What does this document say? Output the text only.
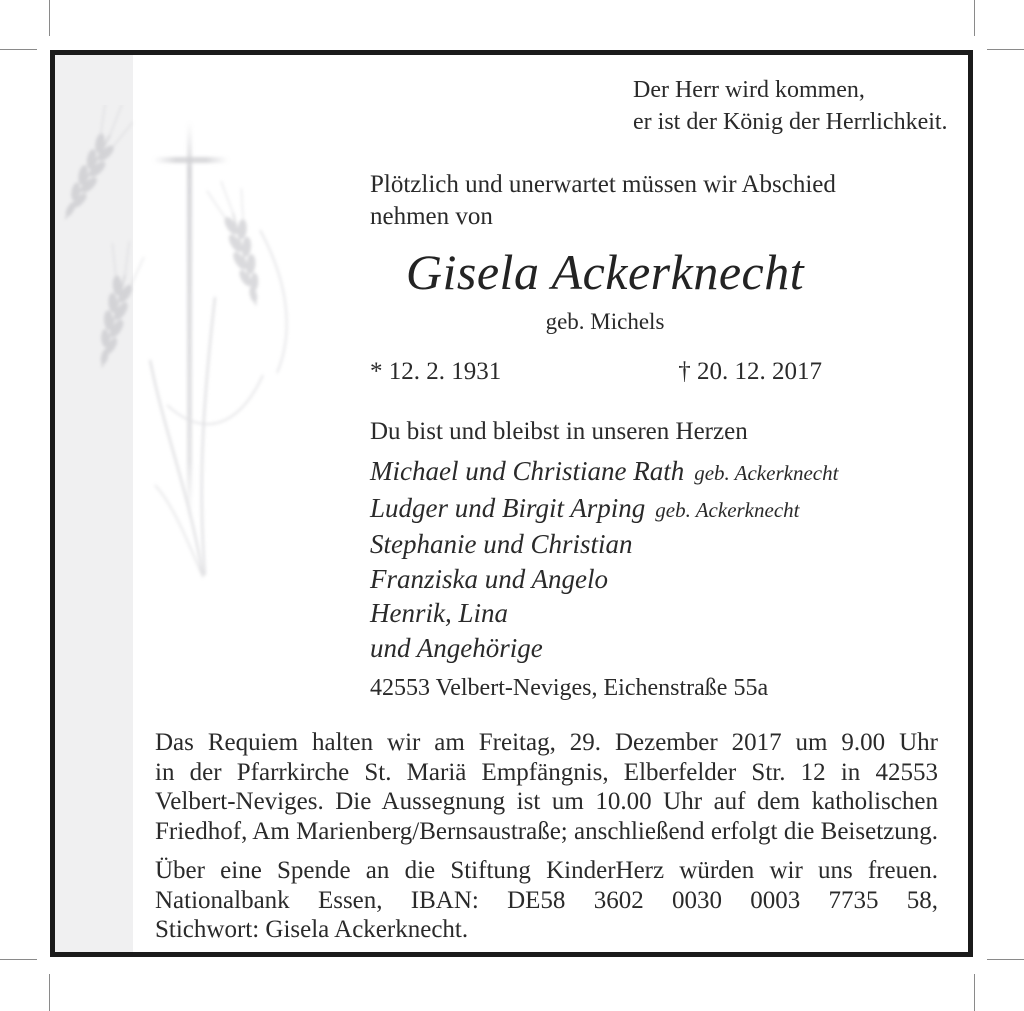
Der Herr wird kommen,
er ist der König der Herrlichkeit.
Plötzlich und unerwartet müssen wir Abschied
nehmen von
Gisela Ackerknecht
geb. Michels
* 12. 2. 1931	† 20. 12. 2017
Du bist und bleibst in unseren Herzen
Michael und Christiane Rath geb. Ackerknecht
Ludger und Birgit Arping geb. Ackerknecht
Stephanie und Christian
Franziska und Angelo
Henrik, Lina
und Angehörige
42553 Velbert-Neviges, Eichenstraße 55a
Das Requiem halten wir am Freitag, 29. Dezember 2017 um 9.00 Uhr
in der Pfarrkirche St. Mariä Empfängnis, Elberfelder Str. 12 in 42553
Velbert-Neviges. Die Aussegnung ist um 10.00 Uhr auf dem katholischen
Friedhof, Am Marienberg/Bernsaustraße; anschließend erfolgt die Beisetzung.
Über eine Spende an die Stiftung KinderHerz würden wir uns freuen.
Nationalbank Essen, IBAN: DE58 3602 0030 0003 7735 58,
Stichwort: Gisela Ackerknecht.
